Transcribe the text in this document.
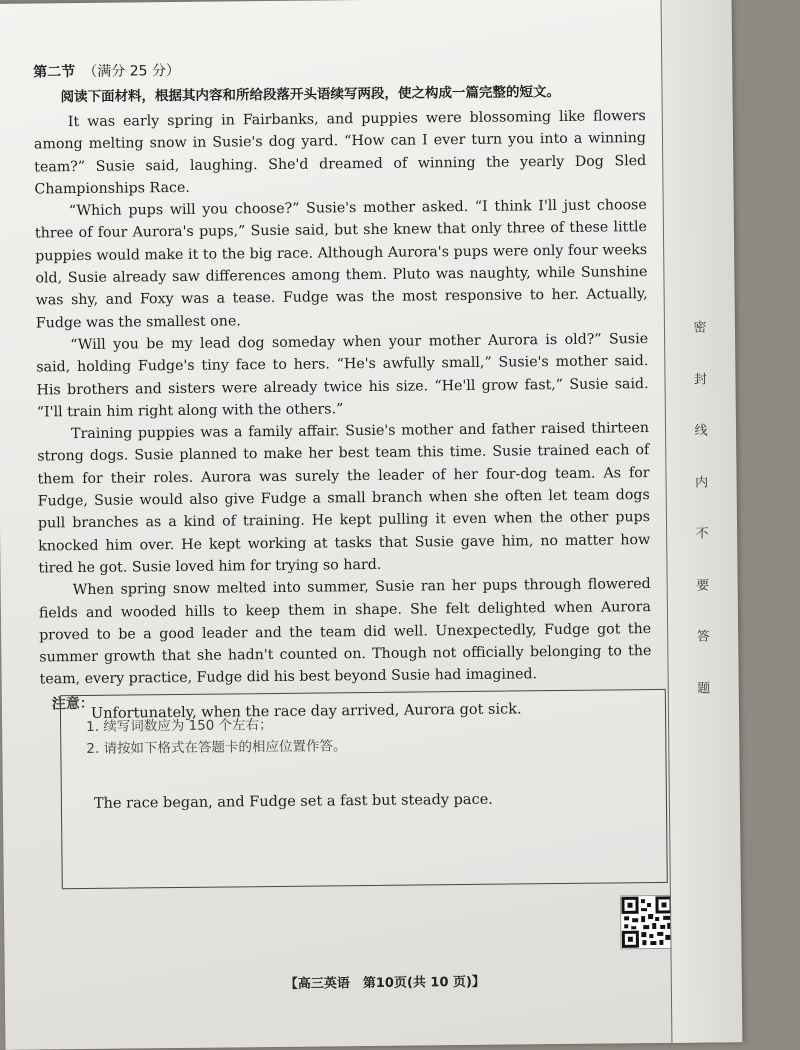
第二节 （满分 25 分）

阅读下面材料，根据其内容和所给段落开头语续写两段，使之构成一篇完整的短文。

It was early spring in Fairbanks, and puppies were blossoming like flowers among melting snow in Susie's dog yard. “How can I ever turn you into a winning team?” Susie said, laughing. She'd dreamed of winning the yearly Dog Sled Championships Race.

“Which pups will you choose?” Susie's mother asked. “I think I'll just choose three of four Aurora's pups,” Susie said, but she knew that only three of these little puppies would make it to the big race. Although Aurora's pups were only four weeks old, Susie already saw differences among them. Pluto was naughty, while Sunshine was shy, and Foxy was a tease. Fudge was the most responsive to her. Actually, Fudge was the smallest one.

“Will you be my lead dog someday when your mother Aurora is old?” Susie said, holding Fudge's tiny face to hers. “He's awfully small,” Susie's mother said. His brothers and sisters were already twice his size. “He'll grow fast,” Susie said. “I'll train him right along with the others.”

Training puppies was a family affair. Susie's mother and father raised thirteen strong dogs. Susie planned to make her best team this time. Susie trained each of them for their roles. Aurora was surely the leader of her four-dog team. As for Fudge, Susie would also give Fudge a small branch when she often let team dogs pull branches as a kind of training. He kept pulling it even when the other pups knocked him over. He kept working at tasks that Susie gave him, no matter how tired he got. Susie loved him for trying so hard.

When spring snow melted into summer, Susie ran her pups through flowered fields and wooded hills to keep them in shape. She felt delighted when Aurora proved to be a good leader and the team did well. Unexpectedly, Fudge got the summer growth that she hadn't counted on. Though not officially belonging to the team, every practice, Fudge did his best beyond Susie had imagined.

注意：
1. 续写词数应为 150 个左右；
2. 请按如下格式在答题卡的相应位置作答。
Unfortunately, when the race day arrived, Aurora got sick.
The race began, and Fudge set a fast but steady pace.
【高三英语　第10页(共 10 页)】
密
封
线
内
不
要
答
题
